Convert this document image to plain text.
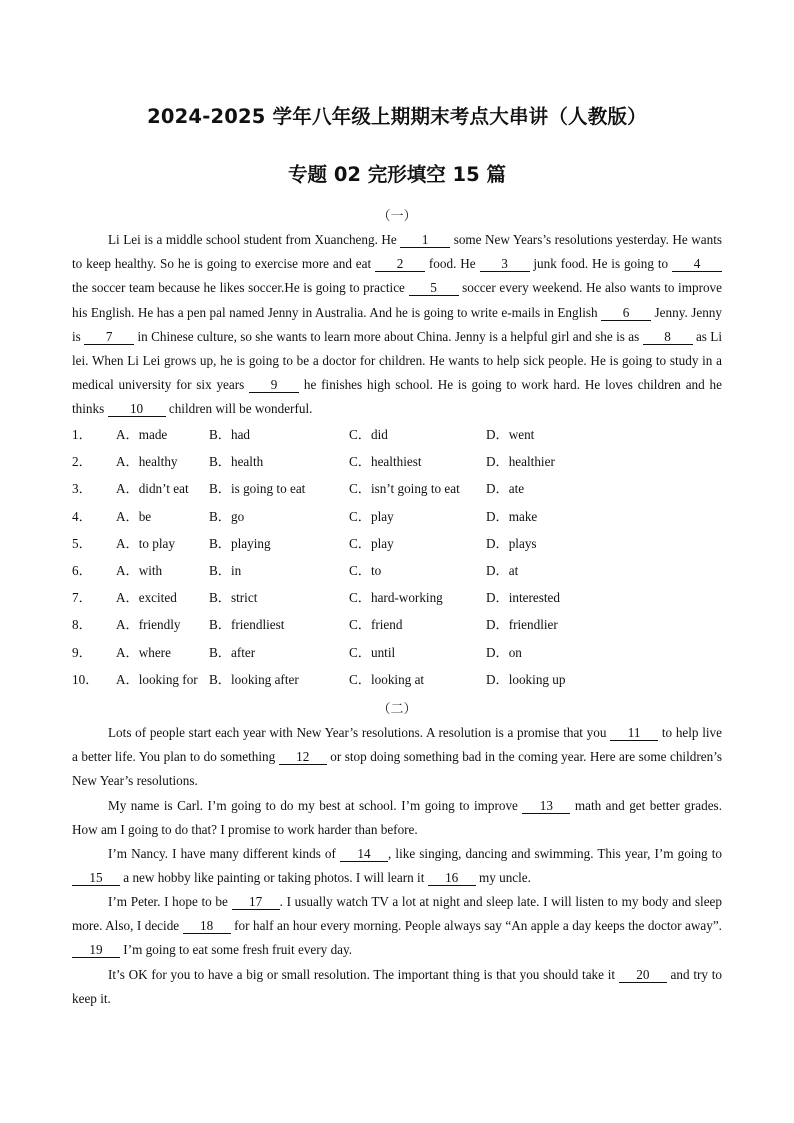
2024-2025 学年八年级上期期末考点大串讲（人教版）
专题 02 完形填空 15 篇
（一）

Li Lei is a middle school student from Xuancheng. He 1 some New Years’s resolutions yesterday. He wants to keep healthy. So he is going to exercise more and eat 2 food. He 3 junk food. He is going to 4 the soccer team because he likes soccer.He is going to practice 5 soccer every weekend. He also wants to improve his English. He has a pen pal named Jenny in Australia. And he is going to write e-mails in English 6 Jenny. Jenny is 7 in Chinese culture, so she wants to learn more about China. Jenny is a helpful girl and she is as 8 as Li lei. When Li Lei grows up, he is going to be a doctor for children. He wants to help sick people. He is going to study in a medical university for six years 9 he finishes high school. He is going to work hard. He loves children and he thinks 10 children will be wonderful.

1． A．made	B．had	C．did	D．went
2． A．healthy B．health	C．healthiest	D．healthier
3． A．didn’t eat B．is going to eat	C．isn’t going to eat D．ate
4． A．be	B．go	C．play	D．make
5． A．to play	B．playing	C．play	D．plays
6． A．with	B．in	C．to	D．at
7． A．excited B．strict	C．hard-working	D．interested
8． A．friendly B．friendliest	C．friend	D．friendlier
9． A．where	B．after	C．until	D．on
10． A．looking for B．looking after	C．looking at	D．looking up
（二）

Lots of people start each year with New Year’s resolutions. A resolution is a promise that you 11 to help live a better life. You plan to do something 12 or stop doing something bad in the coming year. Here are some children’s New Year’s resolutions.

My name is Carl. I’m going to do my best at school. I’m going to improve 13 math and get better grades. How am I going to do that? I promise to work harder than before.

I’m Nancy. I have many different kinds of 14 , like singing, dancing and swimming. This year, I’m going to 15 a new hobby like painting or taking photos. I will learn it 16 my uncle.

I’m Peter. I hope to be 17 . I usually watch TV a lot at night and sleep late. I will listen to my body and sleep more. Also, I decide 18 for half an hour every morning. People always say “An apple a day keeps the doctor away”. 19 I’m going to eat some fresh fruit every day.

It’s OK for you to have a big or small resolution. The important thing is that you should take it 20 and try to keep it.
